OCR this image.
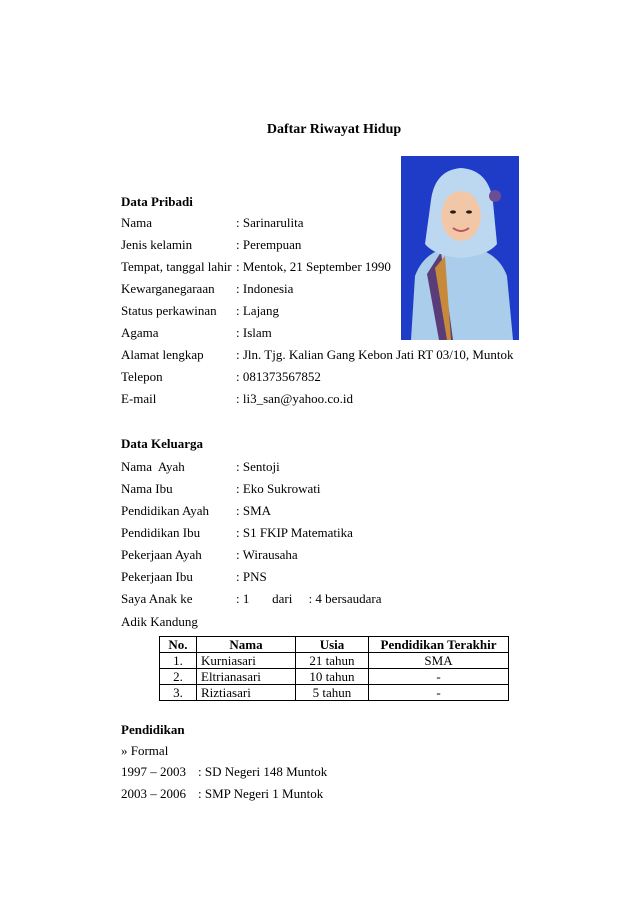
Daftar Riwayat Hidup
Data Pribadi
Nama	: Sarinarulita
Jenis kelamin	: Perempuan
Tempat, tanggal lahir : Mentok, 21 September 1990
Kewarganegaraan : Indonesia
Status perkawinan : Lajang
Agama	: Islam
Alamat lengkap : Jln. Tjg. Kalian Gang Kebon Jati RT 03/10, Muntok
Telepon	: 081373567852
E-mail	: li3_san@yahoo.co.id
Data Keluarga
Nama  Ayah	: Sentoji
Nama Ibu	: Eko Sukrowati
Pendidikan Ayah : SMA
Pendidikan Ibu	: S1 FKIP Matematika
Pekerjaan Ayah	: Wirausaha
Pekerjaan Ibu	: PNS
Saya Anak ke	: 1       dari     : 4 bersaudara
Adik Kandung
No.	Nama	Usia	Pendidikan Terakhir
1.	Kurniasari	21 tahun	SMA
2.	Eltrianasari	10 tahun	-
3.	Riztiasari	5 tahun	-
Pendidikan
» Formal
1997 – 2003 : SD Negeri 148 Muntok
2003 – 2006 : SMP Negeri 1 Muntok
